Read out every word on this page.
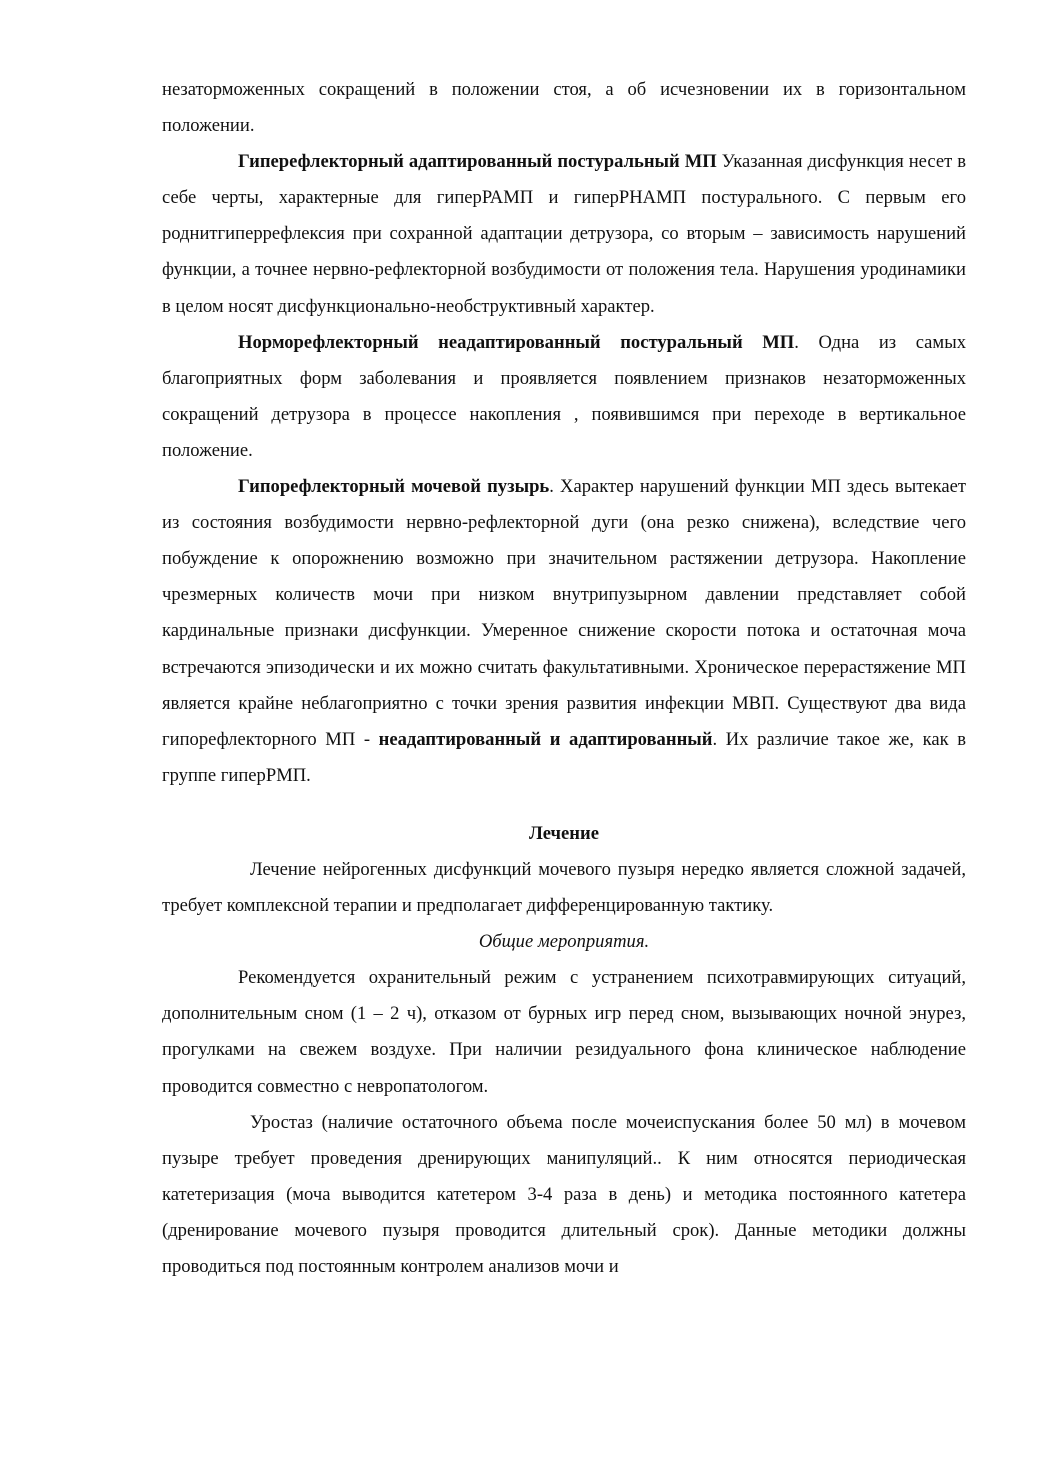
незаторможенных сокращений в положении стоя, а об исчезновении их в горизонтальном положении.

Гиперефлекторный адаптированный постуральный МП Указанная дисфункция несет в себе черты, характерные для гиперРАМП и гиперРНАМП постурального. С первым его роднитгиперрефлексия при сохранной адаптации детрузора, со вторым – зависимость нарушений функции, а точнее нервно-рефлекторной возбудимости от положения тела. Нарушения уродинамики в целом носят дисфункционально-необструктивный характер.

Норморефлекторный неадаптированный постуральный МП. Одна из самых благоприятных форм заболевания и проявляется появлением признаков незаторможенных сокращений детрузора в процессе накопления , появившимся при переходе в вертикальное положение.

Гипорефлекторный мочевой пузырь. Характер нарушений функции МП здесь вытекает из состояния возбудимости нервно-рефлекторной дуги (она резко снижена), вследствие чего побуждение к опорожнению возможно при значительном растяжении детрузора. Накопление чрезмерных количеств мочи при низком внутрипузырном давлении представляет собой кардинальные признаки дисфункции. Умеренное снижение скорости потока и остаточная моча встречаются эпизодически и их можно считать факультативными. Хроническое перерастяжение МП является крайне неблагоприятно с точки зрения развития инфекции МВП. Существуют два вида гипорефлекторного МП - неадаптированный и адаптированный. Их различие такое же, как в группе гиперРМП.

Лечение

Лечение нейрогенных дисфункций мочевого пузыря нередко является сложной задачей, требует комплексной терапии и предполагает дифференцированную тактику.

Общие мероприятия.

Рекомендуется охранительный режим с устранением психотравмирующих ситуаций, дополнительным сном (1 – 2 ч), отказом от бурных игр перед сном, вызывающих ночной энурез, прогулками на свежем воздухе. При наличии резидуального фона клиническое наблюдение проводится совместно с невропатологом.

Уростаз (наличие остаточного объема после мочеиспускания более 50 мл) в мочевом пузыре требует проведения дренирующих манипуляций.. К ним относятся периодическая катетеризация (моча выводится катетером 3-4 раза в день) и методика постоянного катетера (дренирование мочевого пузыря проводится длительный срок). Данные методики должны проводиться под постоянным контролем анализов мочи и
